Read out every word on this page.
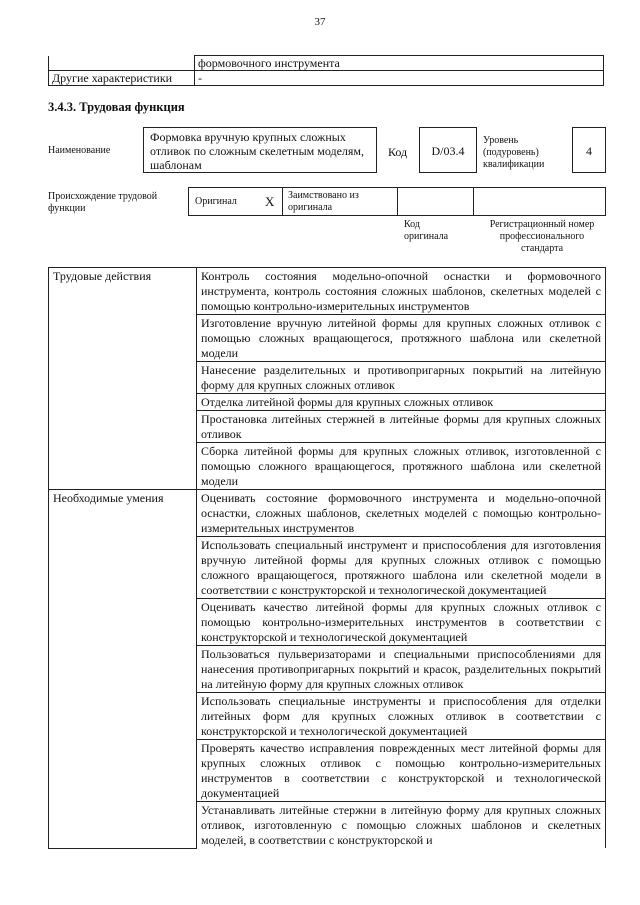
37
	формовочного инструмента
Другие характеристики	-
3.4.3. Трудовая функция
Наименование
Формовка вручную крупных сложных отливок по сложным скелетным моделям, шаблонам
Код	D/03.4
Уровень (подуровень) квалификации
4
Происхождение трудовой функции
Оригинал X Заимствовано из оригинала
Код оригинала
Регистрационный номер профессионального стандарта
Трудовые действия	Контроль состояния модельно-опочной оснастки и формовочного инструмента, контроль состояния сложных шаблонов, скелетных моделей с помощью контрольно-измерительных инструментов
	Изготовление вручную литейной формы для крупных сложных отливок с помощью сложных вращающегося, протяжного шаблона или скелетной модели
	Нанесение разделительных и противопригарных покрытий на литейную форму для крупных сложных отливок
	Отделка литейной формы для крупных сложных отливок
	Простановка литейных стержней в литейные формы для крупных сложных отливок
	Сборка литейной формы для крупных сложных отливок, изготовленной с помощью сложного вращающегося, протяжного шаблона или скелетной модели
Необходимые умения	Оценивать состояние формовочного инструмента и модельно-опочной оснастки, сложных шаблонов, скелетных моделей с помощью контрольно-измерительных инструментов
	Использовать специальный инструмент и приспособления для изготовления вручную литейной формы для крупных сложных отливок с помощью сложного вращающегося, протяжного шаблона или скелетной модели в соответствии с конструкторской и технологической документацией
	Оценивать качество литейной формы для крупных сложных отливок с помощью контрольно-измерительных инструментов в соответствии с конструкторской и технологической документацией
	Пользоваться пульверизаторами и специальными приспособлениями для нанесения противопригарных покрытий и красок, разделительных покрытий на литейную форму для крупных сложных отливок
	Использовать специальные инструменты и приспособления для отделки литейных форм для крупных сложных отливок в соответствии с конструкторской и технологической документацией
	Проверять качество исправления поврежденных мест литейной формы для крупных сложных отливок с помощью контрольно-измерительных инструментов в соответствии с конструкторской и технологической документацией
	Устанавливать литейные стержни в литейную форму для крупных сложных отливок, изготовленную с помощью сложных шаблонов и скелетных моделей, в соответствии с конструкторской и
